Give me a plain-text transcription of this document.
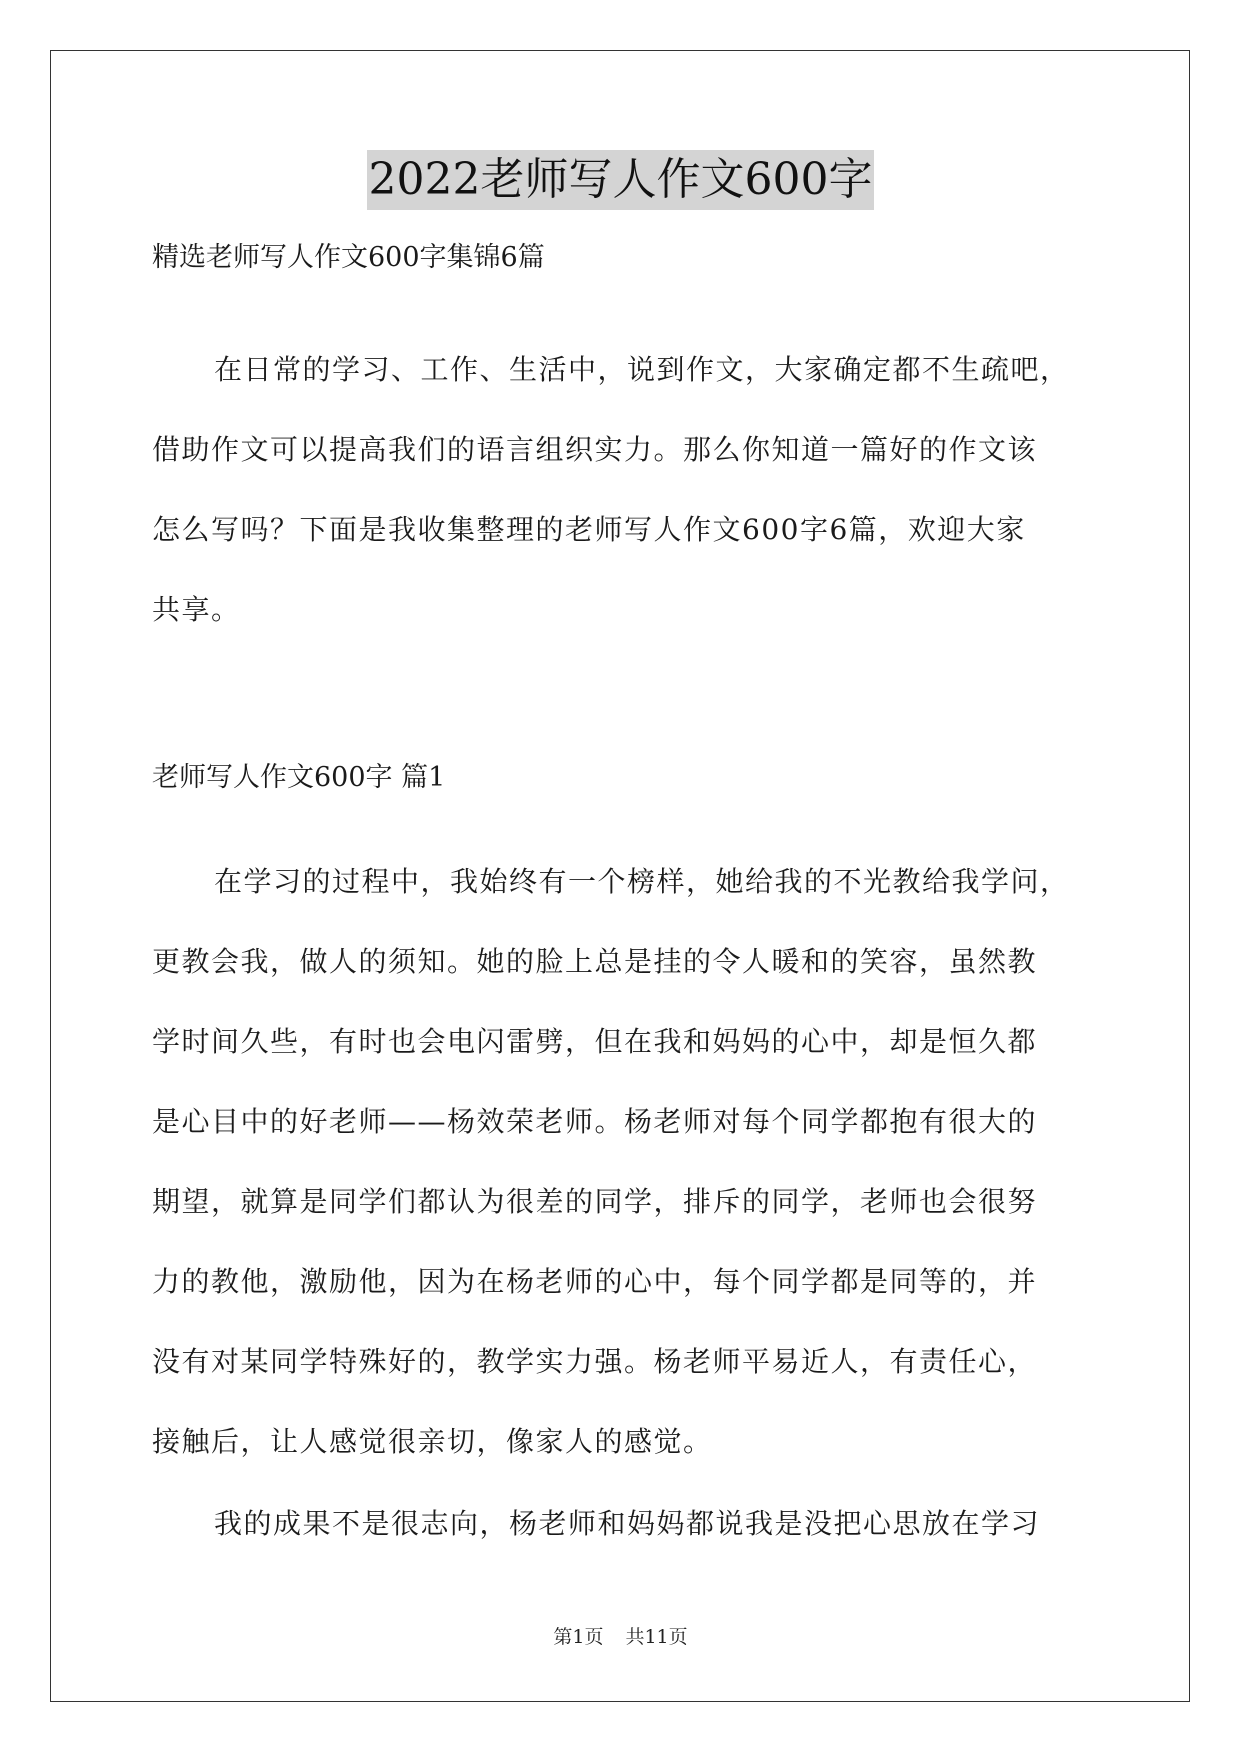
2022老师写人作文600字
精选老师写人作文600字集锦6篇
在日常的学习、工作、生活中，说到作文，大家确定都不生疏吧，
借助作文可以提高我们的语言组织实力。那么你知道一篇好的作文该
怎么写吗？下面是我收集整理的老师写人作文600字6篇，欢迎大家
共享。
老师写人作文600字 篇1
在学习的过程中，我始终有一个榜样，她给我的不光教给我学问，
更教会我，做人的须知。她的脸上总是挂的令人暖和的笑容，虽然教
学时间久些，有时也会电闪雷劈，但在我和妈妈的心中，却是恒久都
是心目中的好老师——杨效荣老师。杨老师对每个同学都抱有很大的
期望，就算是同学们都认为很差的同学，排斥的同学，老师也会很努
力的教他，激励他，因为在杨老师的心中，每个同学都是同等的，并
没有对某同学特殊好的，教学实力强。杨老师平易近人，有责任心，
接触后，让人感觉很亲切，像家人的感觉。
我的成果不是很志向，杨老师和妈妈都说我是没把心思放在学习
第1页 共11页
